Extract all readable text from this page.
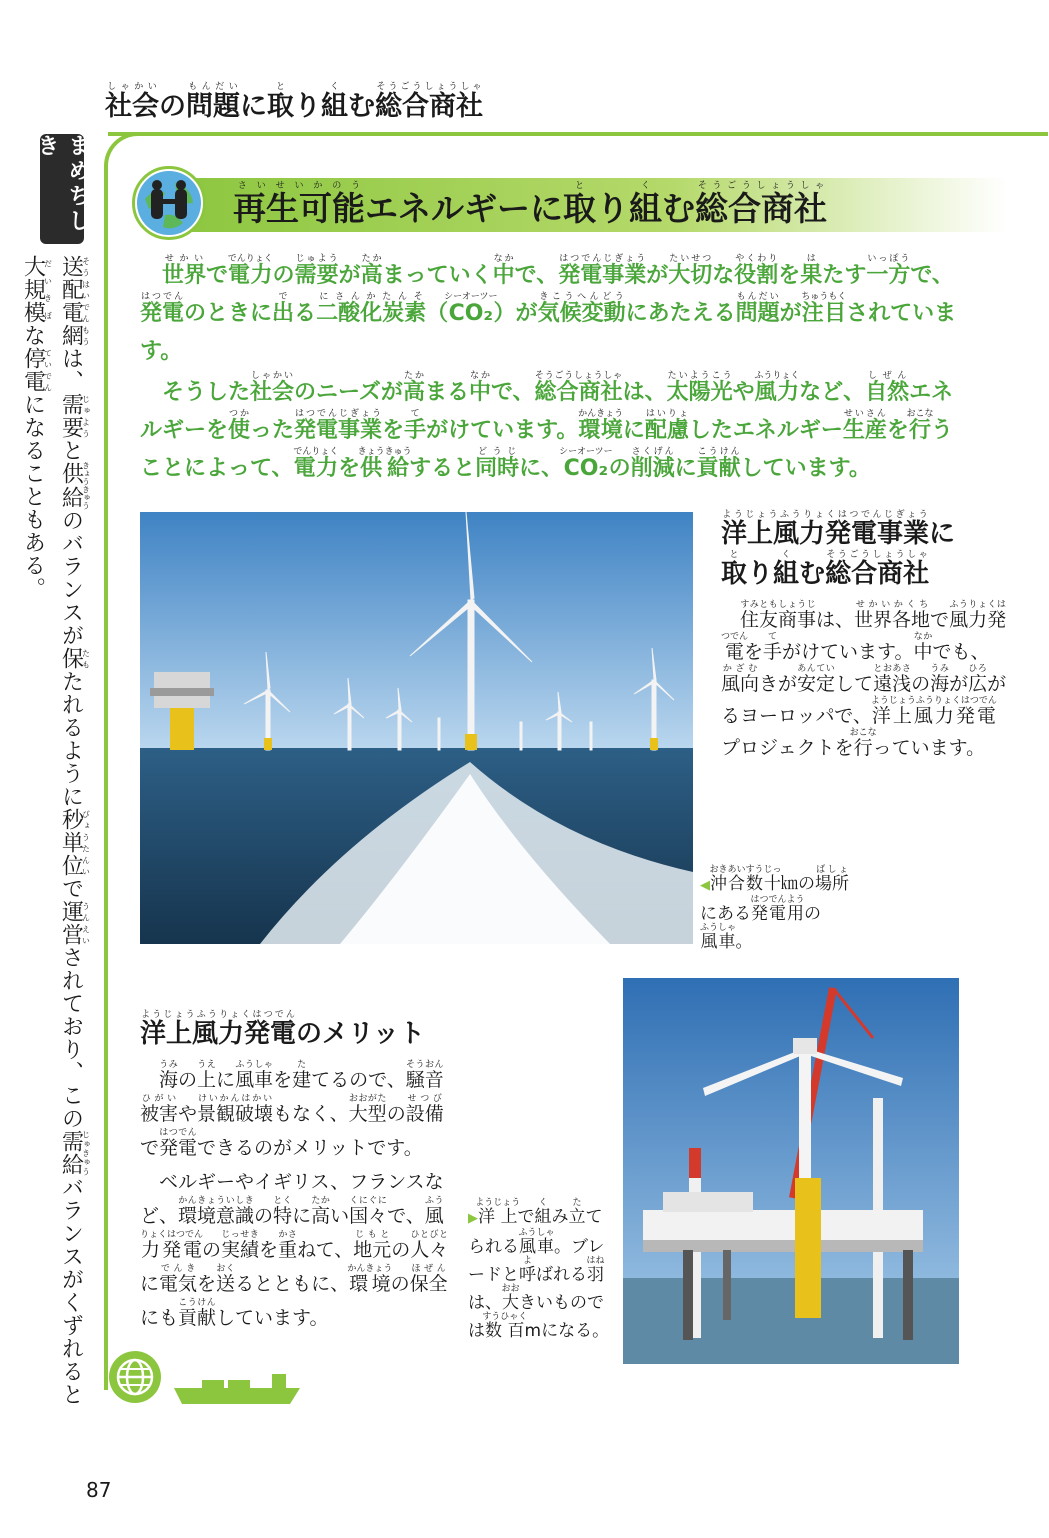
社会しゃかいの問題もんだいに取とり組くむ総合商社そうごうしょうしゃ
まめちしき
送配電網そうはいでんもうは、需要じゅようと供給きょうきゅうのバランスが保たもたれるように秒単位びょうたんいで運営うんえいされており、この需給じゅきゅうバランスがくずれると大規模だいきぼな停電ていでんになることもある。
再生可能さいせいかのうエネルギーに取とり組くむ総合商社そうごうしょうしゃ

世界せかいで電力でんりょくの需要じゅようが高たかまっていく中なかで、発電事業はつでんじぎょうが大切たいせつな役割やくわりを果はたす一方いっぽうで、発電はつでんのときに出でる二酸化炭素にさんかたんそ（CO₂シーオーツー）が気候変動きこうへんどうにあたえる問題もんだいが注目ちゅうもくされています。

そうした社会しゃかいのニーズが高たかまる中なかで、総合商社そうごうしょうしゃは、太陽光たいようこうや風力ふうりょくなど、自然しぜんエネルギーを使つかった発電事業はつでんじぎょうを手てがけています。環境かんきょうに配慮はいりょしたエネルギー生産せいさんを行おこなうことによって、電力でんりょくを供給きょうきゅうすると同時どうじに、CO₂シーオーツーの削減さくげんに貢献こうけんしています。

洋上風力発電事業ようじょうふうりょくはつでんじぎょうに
取とり組くむ総合商社そうごうしょうしゃ

住友商事すみともしょうじは、世界各地せかいかくちで風力発電ふうりょくはつでんを手てがけています。中なかでも、風向かざむきが安定あんていして遠浅とおあさの海うみが広ひろがるヨーロッパで、洋上風力発電ようじょうふうりょくはつでんプロジェクトを行おこなっています。

◀沖合数十おきあいすうじっ㎞の場所ばしょにある発はつ電用でんようの風車ふうしゃ。
洋上風力発電ようじょうふうりょくはつでんのメリット

海うみの上うえに風車ふうしゃを建たてるので、騒音そうおん被害ひがいや景観破壊けいかんはかいもなく、大型おおがたの設備せつびで発電はつでんできるのがメリットです。

ベルギーやイギリス、フランスなど、環境意識かんきょういしきの特とくに高たかい国々くにぐにで、風ふう力発電りょくはつでんの実績じっせきを重かさねて、地元じもとの人々ひとびとに電気でんきを送おくるとともに、環境かんきょうの保全ほぜんにも貢献こうけんしています。

▶洋上ようじょうで組くみ立たてられる風車ふうしゃ。ブレードと呼よばれる羽はねは、大おおきいものでは数百すうひゃくmになる。
87
